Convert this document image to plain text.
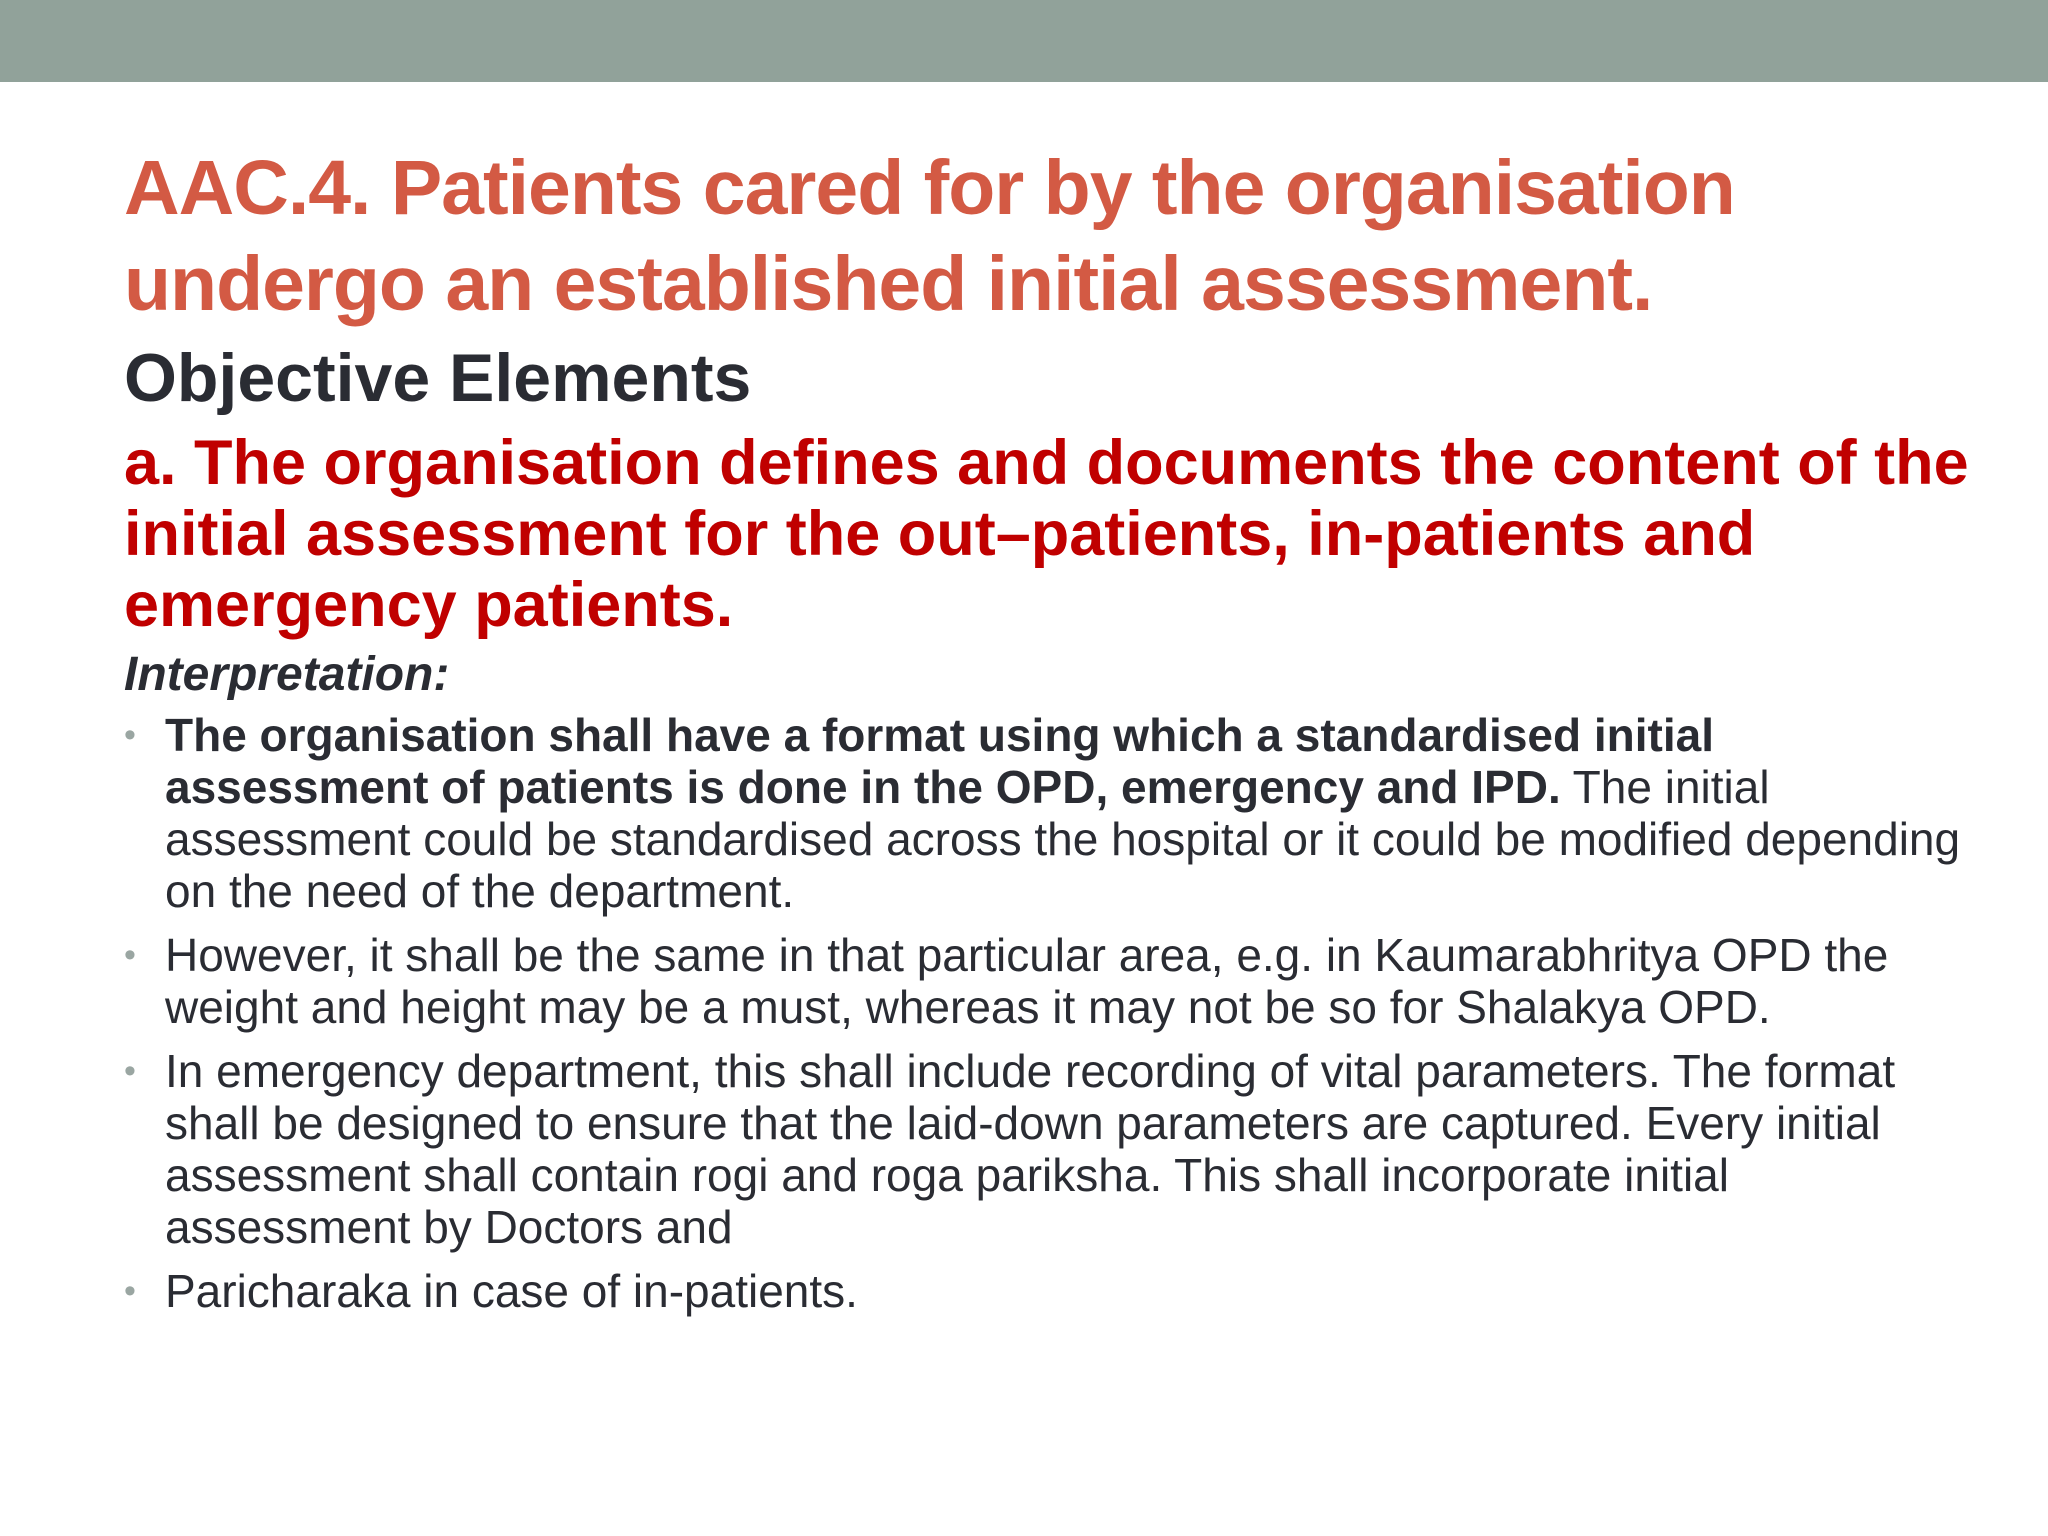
AAC.4. Patients cared for by the organisation undergo an established initial assessment.
Objective Elements

a. The organisation defines and documents the content of the initial assessment for the out–patients, in-patients and emergency patients.

Interpretation:

• The organisation shall have a format using which a standardised initial assessment of patients is done in the OPD, emergency and IPD. The initial assessment could be standardised across the hospital or it could be modified depending on the need of the department.
• However, it shall be the same in that particular area, e.g. in Kaumarabhritya OPD the weight and height may be a must, whereas it may not be so for Shalakya OPD.
• In emergency department, this shall include recording of vital parameters. The format shall be designed to ensure that the laid-down parameters are captured. Every initial assessment shall contain rogi and roga pariksha. This shall incorporate initial assessment by Doctors and
• Paricharaka in case of in-patients.
